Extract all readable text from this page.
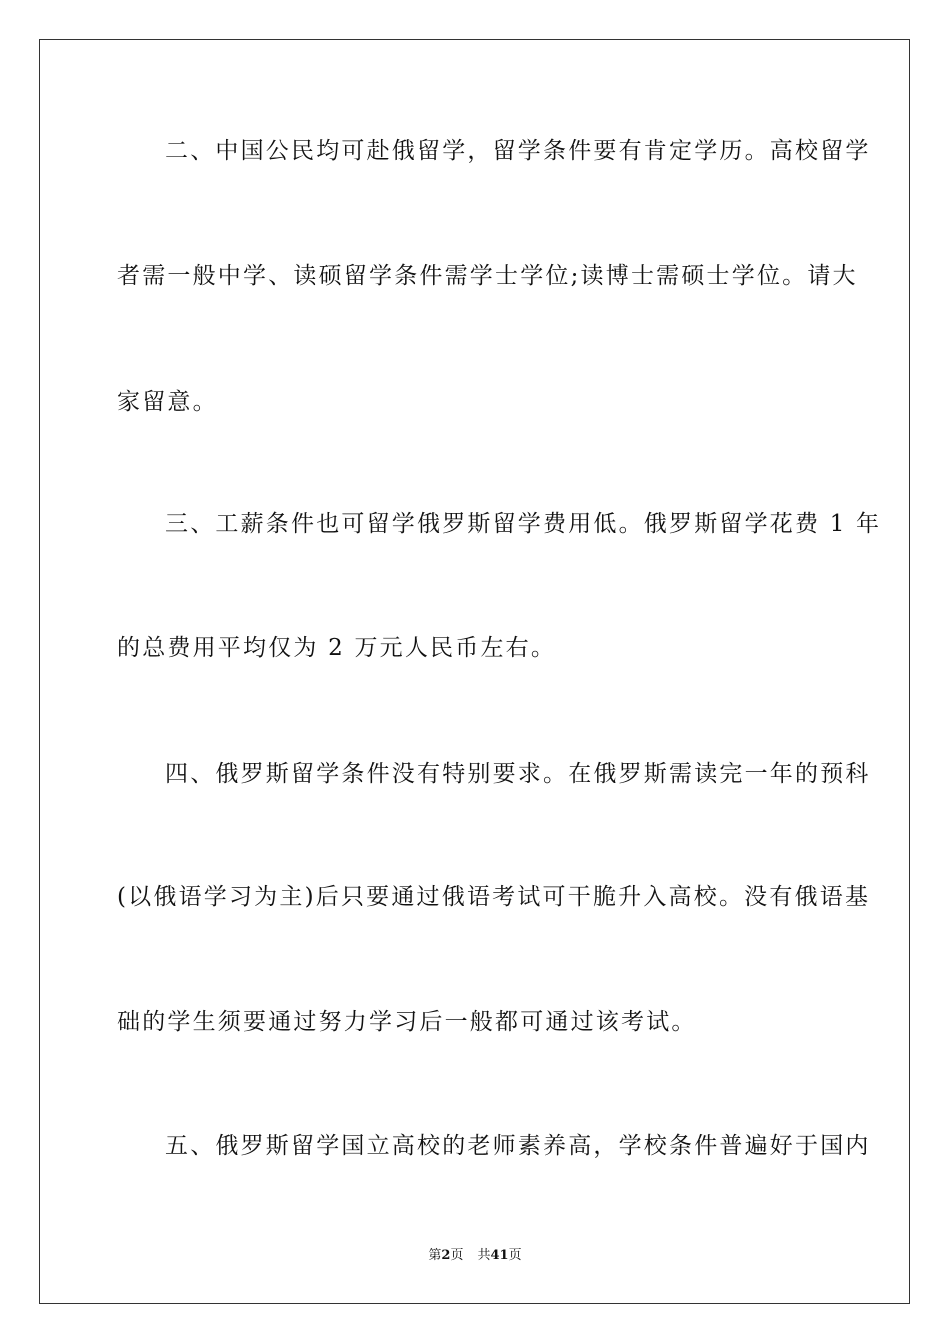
二、中国公民均可赴俄留学，留学条件要有肯定学历。高校留学
者需一般中学、读硕留学条件需学士学位;读博士需硕士学位。请大
家留意。
三、工薪条件也可留学俄罗斯留学费用低。俄罗斯留学花费 1 年
的总费用平均仅为 2 万元人民币左右。
四、俄罗斯留学条件没有特别要求。在俄罗斯需读完一年的预科
(以俄语学习为主)后只要通过俄语考试可干脆升入高校。没有俄语基
础的学生须要通过努力学习后一般都可通过该考试。
五、俄罗斯留学国立高校的老师素养高，学校条件普遍好于国内
第2页 共41页
